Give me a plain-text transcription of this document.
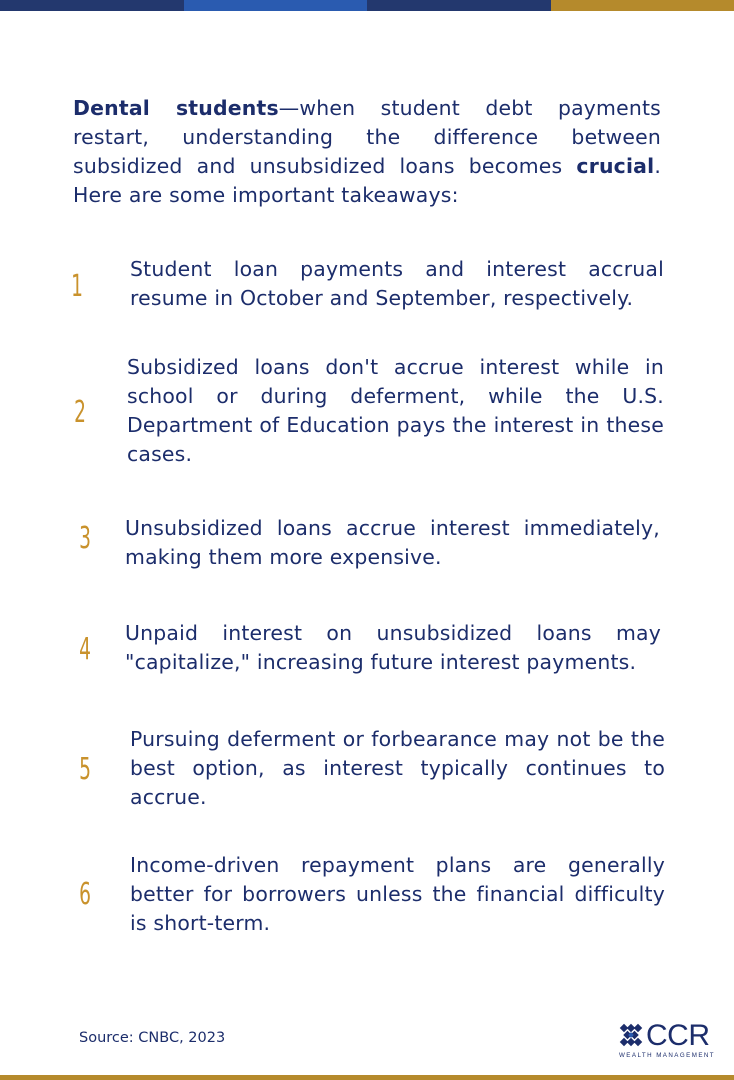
Dental students—when student debt payments restart, understanding the difference between subsidized and unsubsidized loans becomes crucial. Here are some important takeaways:

1 Student loan payments and interest accrual resume in October and September, respectively.

2

Subsidized loans don't accrue interest while in school or during deferment, while the U.S. Department of Education pays the interest in these cases.

3 Unsubsidized loans accrue interest immediately, making them more expensive.

4 Unpaid interest on unsubsidized loans may "capitalize," increasing future interest payments.

5

Pursuing deferment or forbearance may not be the best option, as interest typically continues to accrue.

6

Income-driven repayment plans are generally better for borrowers unless the financial difficulty is short-term.

Source: CNBC, 2023	CCR
WEALTH MANAGEMENT
